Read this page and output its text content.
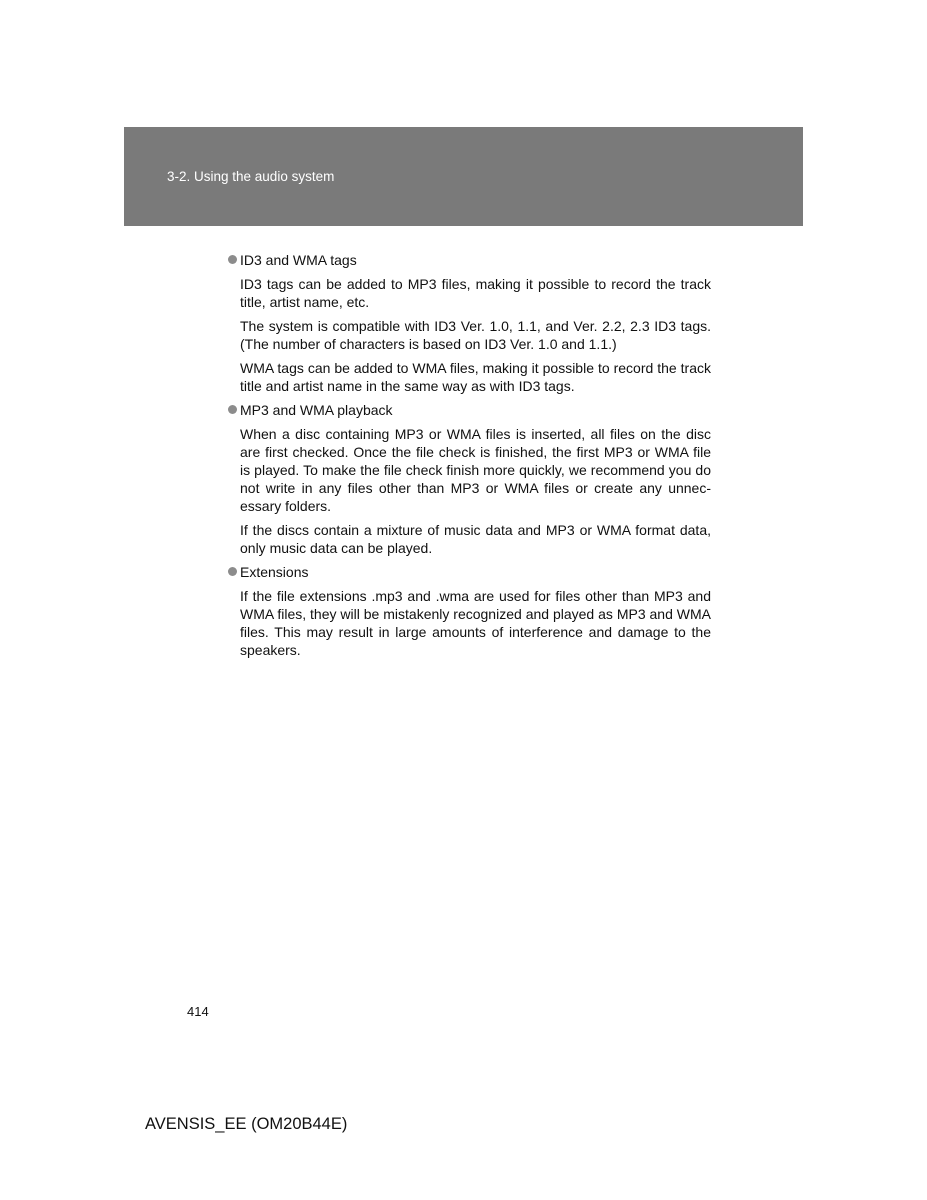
3-2. Using the audio system
ID3 and WMA tags

ID3 tags can be added to MP3 files, making it possible to record the track title, artist name, etc.

The system is compatible with ID3 Ver. 1.0, 1.1, and Ver. 2.2, 2.3 ID3 tags. (The number of characters is based on ID3 Ver. 1.0 and 1.1.)

WMA tags can be added to WMA files, making it possible to record the track title and artist name in the same way as with ID3 tags.

MP3 and WMA playback

When a disc containing MP3 or WMA files is inserted, all files on the disc are first checked. Once the file check is finished, the first MP3 or WMA file is played. To make the file check finish more quickly, we recommend you do not write in any files other than MP3 or WMA files or create any unnec-essary folders.

If the discs contain a mixture of music data and MP3 or WMA format data, only music data can be played.

Extensions

If the file extensions .mp3 and .wma are used for files other than MP3 and WMA files, they will be mistakenly recognized and played as MP3 and WMA files. This may result in large amounts of interference and damage to the speakers.

414
AVENSIS_EE (OM20B44E)
